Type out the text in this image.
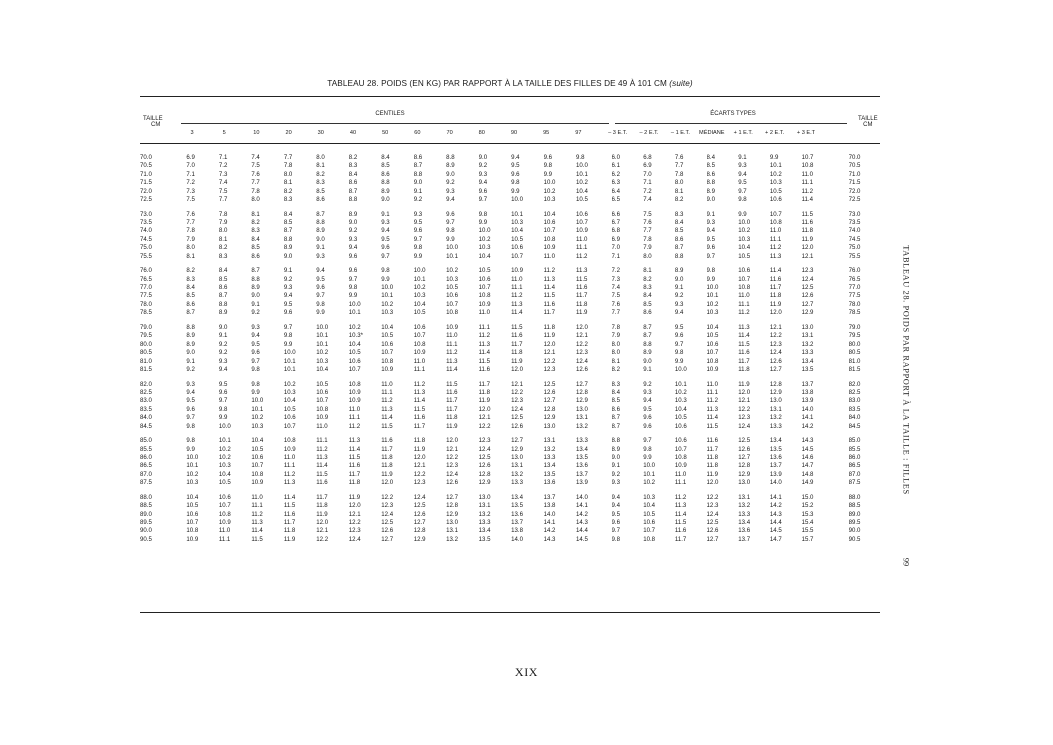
TABLEAU 28. POIDS (EN KG) PAR RAPPORT À LA TAILLE DES FILLES DE 49 À 101 CM (suite)
TAILLE
CM
CENTILES	ÉCARTS TYPES
TAILLE
CM
3	5	10	20	30	40	50	60	70	80	90	95	97	– 3 E.T. – 2 E.T. – 1 E.T. MÉDIANE + 1 E.T. + 2 E.T. + 3 E.T
70.0	6.9	7.1	7.4	7.7	8.0	8.2	8.4	8.6	8.8	9.0	9.4	9.6	9.8	6.0	6.8	7.6	8.4	9.1	9.9	10.7	70.0
70.5	7.0	7.2	7.5	7.8	8.1	8.3	8.5	8.7	8.9	9.2	9.5	9.8	10.0	6.1	6.9	7.7	8.5	9.3	10.1	10.8	70.5
71.0	7.1	7.3	7.6	8.0	8.2	8.4	8.6	8.8	9.0	9.3	9.6	9.9	10.1	6.2	7.0	7.8	8.6	9.4	10.2	11.0	71.0
71.5	7.2	7.4	7.7	8.1	8.3	8.6	8.8	9.0	9.2	9.4	9.8	10.0	10.2	6.3	7.1	8.0	8.8	9.5	10.3	11.1	71.5
72.0	7.3	7.5	7.8	8.2	8.5	8.7	8.9	9.1	9.3	9.6	9.9	10.2	10.4	6.4	7.2	8.1	8.9	9.7	10.5	11.2	72.0
72.5	7.5	7.7	8.0	8.3	8.6	8.8	9.0	9.2	9.4	9.7	10.0	10.3	10.5	6.5	7.4	8.2	9.0	9.8	10.6	11.4	72.5

73.0	7.6	7.8	8.1	8.4	8.7	8.9	9.1	9.3	9.6	9.8	10.1	10.4	10.6	6.6	7.5	8.3	9.1	9.9	10.7	11.5	73.0
73.5	7.7	7.9	8.2	8.5	8.8	9.0	9.3	9.5	9.7	9.9	10.3	10.6	10.7	6.7	7.6	8.4	9.3	10.0	10.8	11.6	73.5
74.0	7.8	8.0	8.3	8.7	8.9	9.2	9.4	9.6	9.8	10.0	10.4	10.7	10.9	6.8	7.7	8.5	9.4	10.2	11.0	11.8	74.0
74.5	7.9	8.1	8.4	8.8	9.0	9.3	9.5	9.7	9.9	10.2	10.5	10.8	11.0	6.9	7.8	8.6	9.5	10.3	11.1	11.9	74.5
75.0	8.0	8.2	8.5	8.9	9.1	9.4	9.6	9.8	10.0	10.3	10.6	10.9	11.1	7.0	7.9	8.7	9.6	10.4	11.2	12.0	75.0
75.5	8.1	8.3	8.6	9.0	9.3	9.6	9.7	9.9	10.1	10.4	10.7	11.0	11.2	7.1	8.0	8.8	9.7	10.5	11.3	12.1	75.5

76.0	8.2	8.4	8.7	9.1	9.4	9.6	9.8	10.0	10.2	10.5	10.9	11.2	11.3	7.2	8.1	8.9	9.8	10.6	11.4	12.3	76.0
76.5	8.3	8.5	8.8	9.2	9.5	9.7	9.9	10.1	10.3	10.6	11.0	11.3	11.5	7.3	8.2	9.0	9.9	10.7	11.6	12.4	76.5
77.0	8.4	8.6	8.9	9.3	9.6	9.8	10.0	10.2	10.5	10.7	11.1	11.4	11.6	7.4	8.3	9.1	10.0	10.8	11.7	12.5	77.0
77.5	8.5	8.7	9.0	9.4	9.7	9.9	10.1	10.3	10.6	10.8	11.2	11.5	11.7	7.5	8.4	9.2	10.1	11.0	11.8	12.6	77.5
78.0	8.6	8.8	9.1	9.5	9.8	10.0	10.2	10.4	10.7	10.9	11.3	11.6	11.8	7.6	8.5	9.3	10.2	11.1	11.9	12.7	78.0
78.5	8.7	8.9	9.2	9.6	9.9	10.1	10.3	10.5	10.8	11.0	11.4	11.7	11.9	7.7	8.6	9.4	10.3	11.2	12.0	12.9	78.5

79.0	8.8	9.0	9.3	9.7	10.0	10.2	10.4	10.6	10.9	11.1	11.5	11.8	12.0	7.8	8.7	9.5	10.4	11.3	12.1	13.0	79.0
79.5	8.9	9.1	9.4	9.8	10.1	10.3*	10.5	10.7	11.0	11.2	11.6	11.9	12.1	7.9	8.7	9.6	10.5	11.4	12.2	13.1	79.5
80.0	8.9	9.2	9.5	9.9	10.1	10.4	10.6	10.8	11.1	11.3	11.7	12.0	12.2	8.0	8.8	9.7	10.6	11.5	12.3	13.2	80.0
80.5	9.0	9.2	9.6	10.0	10.2	10.5	10.7	10.9	11.2	11.4	11.8	12.1	12.3	8.0	8.9	9.8	10.7	11.6	12.4	13.3	80.5
81.0	9.1	9.3	9.7	10.1	10.3	10.6	10.8	11.0	11.3	11.5	11.9	12.2	12.4	8.1	9.0	9.9	10.8	11.7	12.6	13.4	81.0
81.5	9.2	9.4	9.8	10.1	10.4	10.7	10.9	11.1	11.4	11.6	12.0	12.3	12.6	8.2	9.1	10.0	10.9	11.8	12.7	13.5	81.5

82.0	9.3	9.5	9.8	10.2	10.5	10.8	11.0	11.2	11.5	11.7	12.1	12.5	12.7	8.3	9.2	10.1	11.0	11.9	12.8	13.7	82.0
82.5	9.4	9.6	9.9	10.3	10.6	10.9	11.1	11.3	11.6	11.8	12.2	12.6	12.8	8.4	9.3	10.2	11.1	12.0	12.9	13.8	82.5
83.0	9.5	9.7	10.0	10.4	10.7	10.9	11.2	11.4	11.7	11.9	12.3	12.7	12.9	8.5	9.4	10.3	11.2	12.1	13.0	13.9	83.0
83.5	9.6	9.8	10.1	10.5	10.8	11.0	11.3	11.5	11.7	12.0	12.4	12.8	13.0	8.6	9.5	10.4	11.3	12.2	13.1	14.0	83.5
84.0	9.7	9.9	10.2	10.6	10.9	11.1	11.4	11.6	11.8	12.1	12.5	12.9	13.1	8.7	9.6	10.5	11.4	12.3	13.2	14.1	84.0
84.5	9.8	10.0	10.3	10.7	11.0	11.2	11.5	11.7	11.9	12.2	12.6	13.0	13.2	8.7	9.6	10.6	11.5	12.4	13.3	14.2	84.5

85.0	9.8	10.1	10.4	10.8	11.1	11.3	11.6	11.8	12.0	12.3	12.7	13.1	13.3	8.8	9.7	10.6	11.6	12.5	13.4	14.3	85.0
85.5	9.9	10.2	10.5	10.9	11.2	11.4	11.7	11.9	12.1	12.4	12.9	13.2	13.4	8.9	9.8	10.7	11.7	12.6	13.5	14.5	85.5
86.0	10.0	10.2	10.6	11.0	11.3	11.5	11.8	12.0	12.2	12.5	13.0	13.3	13.5	9.0	9.9	10.8	11.8	12.7	13.6	14.6	86.0
86.5	10.1	10.3	10.7	11.1	11.4	11.6	11.8	12.1	12.3	12.6	13.1	13.4	13.6	9.1	10.0	10.9	11.8	12.8	13.7	14.7	86.5
87.0	10.2	10.4	10.8	11.2	11.5	11.7	11.9	12.2	12.4	12.8	13.2	13.5	13.7	9.2	10.1	11.0	11.9	12.9	13.9	14.8	87.0
87.5	10.3	10.5	10.9	11.3	11.6	11.8	12.0	12.3	12.6	12.9	13.3	13.6	13.9	9.3	10.2	11.1	12.0	13.0	14.0	14.9	87.5

88.0	10.4	10.6	11.0	11.4	11.7	11.9	12.2	12.4	12.7	13.0	13.4	13.7	14.0	9.4	10.3	11.2	12.2	13.1	14.1	15.0	88.0
88.5	10.5	10.7	11.1	11.5	11.8	12.0	12.3	12.5	12.8	13.1	13.5	13.8	14.1	9.4	10.4	11.3	12.3	13.2	14.2	15.2	88.5
89.0	10.6	10.8	11.2	11.6	11.9	12.1	12.4	12.6	12.9	13.2	13.6	14.0	14.2	9.5	10.5	11.4	12.4	13.3	14.3	15.3	89.0
89.5	10.7	10.9	11.3	11.7	12.0	12.2	12.5	12.7	13.0	13.3	13.7	14.1	14.3	9.6	10.6	11.5	12.5	13.4	14.4	15.4	89.5
90.0	10.8	11.0	11.4	11.8	12.1	12.3	12.6	12.8	13.1	13.4	13.8	14.2	14.4	9.7	10.7	11.6	12.6	13.6	14.5	15.5	90.0
90.5	10.9	11.1	11.5	11.9	12.2	12.4	12.7	12.9	13.2	13.5	14.0	14.3	14.5	9.8	10.8	11.7	12.7	13.7	14.7	15.7	90.5
TABLEAU 28. POIDS PAR RAPPORT À LA TAILLE : FILLES
99
XIX
